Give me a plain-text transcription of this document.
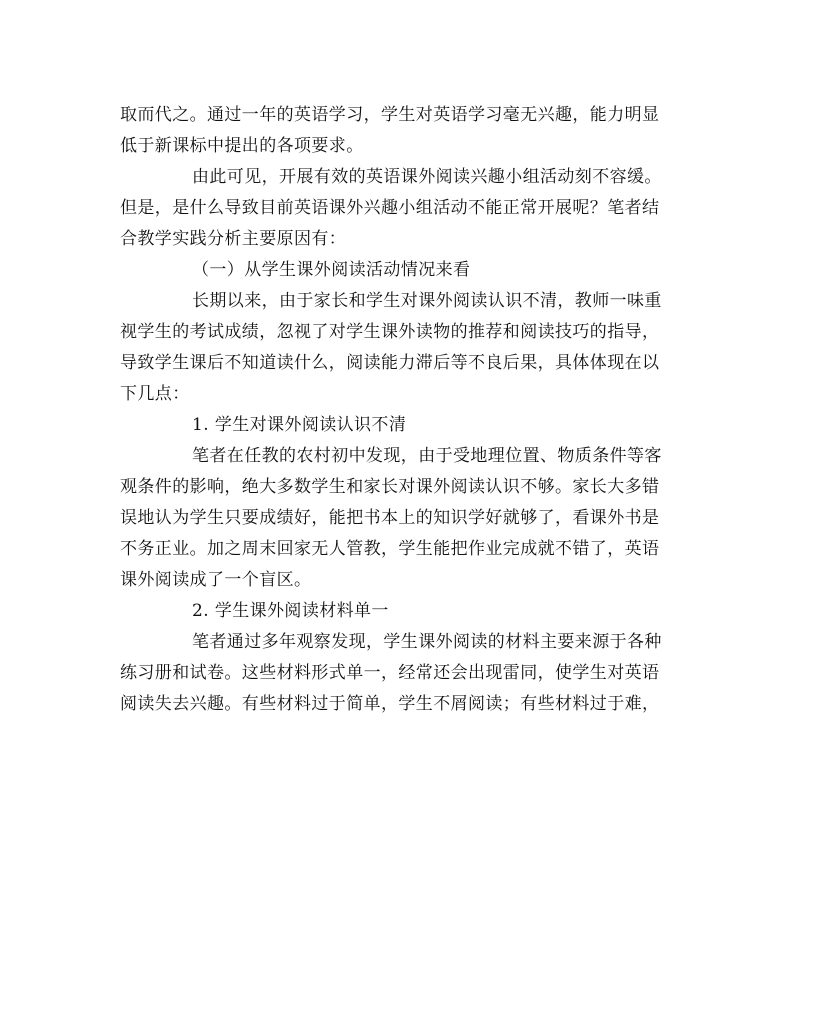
取而代之。通过一年的英语学习，学生对英语学习毫无兴趣，能力明显
低于新课标中提出的各项要求。
由此可见，开展有效的英语课外阅读兴趣小组活动刻不容缓。
但是，是什么导致目前英语课外兴趣小组活动不能正常开展呢？笔者结
合教学实践分析主要原因有：
（一）从学生课外阅读活动情况来看
长期以来，由于家长和学生对课外阅读认识不清，教师一味重
视学生的考试成绩，忽视了对学生课外读物的推荐和阅读技巧的指导，
导致学生课后不知道读什么，阅读能力滞后等不良后果，具体体现在以
下几点：
1. 学生对课外阅读认识不清
笔者在任教的农村初中发现，由于受地理位置、物质条件等客
观条件的影响，绝大多数学生和家长对课外阅读认识不够。家长大多错
误地认为学生只要成绩好，能把书本上的知识学好就够了，看课外书是
不务正业。加之周末回家无人管教，学生能把作业完成就不错了，英语
课外阅读成了一个盲区。
2. 学生课外阅读材料单一
笔者通过多年观察发现，学生课外阅读的材料主要来源于各种
练习册和试卷。这些材料形式单一，经常还会出现雷同，使学生对英语
阅读失去兴趣。有些材料过于简单，学生不屑阅读；有些材料过于难，
